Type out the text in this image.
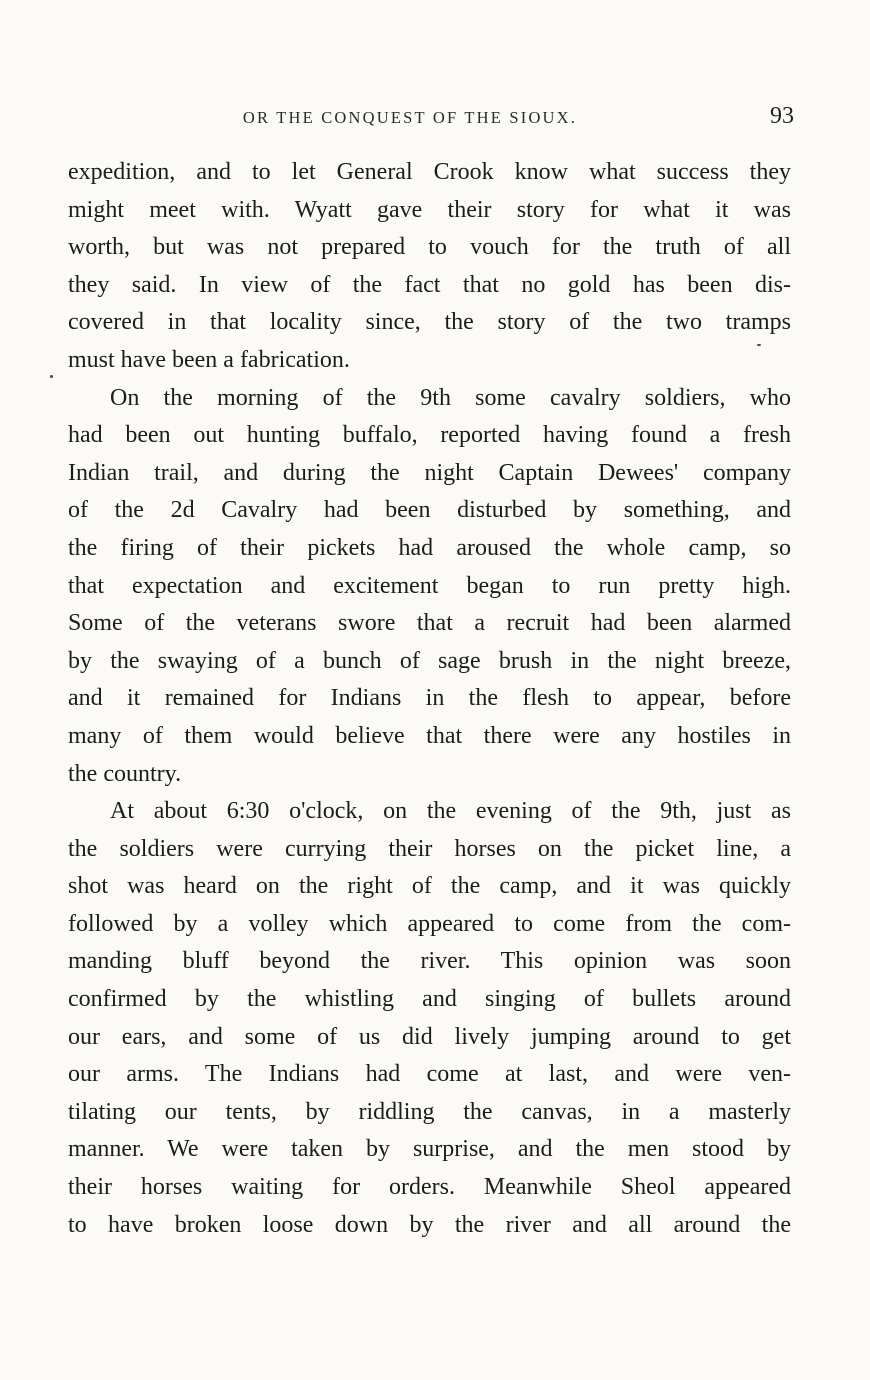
OR THE CONQUEST OF THE SIOUX.	93
expedition, and to let General Crook know what success they
might meet with. Wyatt gave their story for what it was
worth, but was not prepared to vouch for the truth of all
they said. In view of the fact that no gold has been dis-
covered in that locality since, the story of the two tramps
must have been a fabrication.
On the morning of the 9th some cavalry soldiers, who
had been out hunting buffalo, reported having found a fresh
Indian trail, and during the night Captain Dewees' company
of the 2d Cavalry had been disturbed by something, and
the firing of their pickets had aroused the whole camp, so
that expectation and excitement began to run pretty high.
Some of the veterans swore that a recruit had been alarmed
by the swaying of a bunch of sage brush in the night breeze,
and it remained for Indians in the flesh to appear, before
many of them would believe that there were any hostiles in
the country.
At about 6:30 o'clock, on the evening of the 9th, just as
the soldiers were currying their horses on the picket line, a
shot was heard on the right of the camp, and it was quickly
followed by a volley which appeared to come from the com-
manding bluff beyond the river. This opinion was soon
confirmed by the whistling and singing of bullets around
our ears, and some of us did lively jumping around to get
our arms. The Indians had come at last, and were ven-
tilating our tents, by riddling the canvas, in a masterly
manner. We were taken by surprise, and the men stood by
their horses waiting for orders. Meanwhile Sheol appeared
to have broken loose down by the river and all around the
